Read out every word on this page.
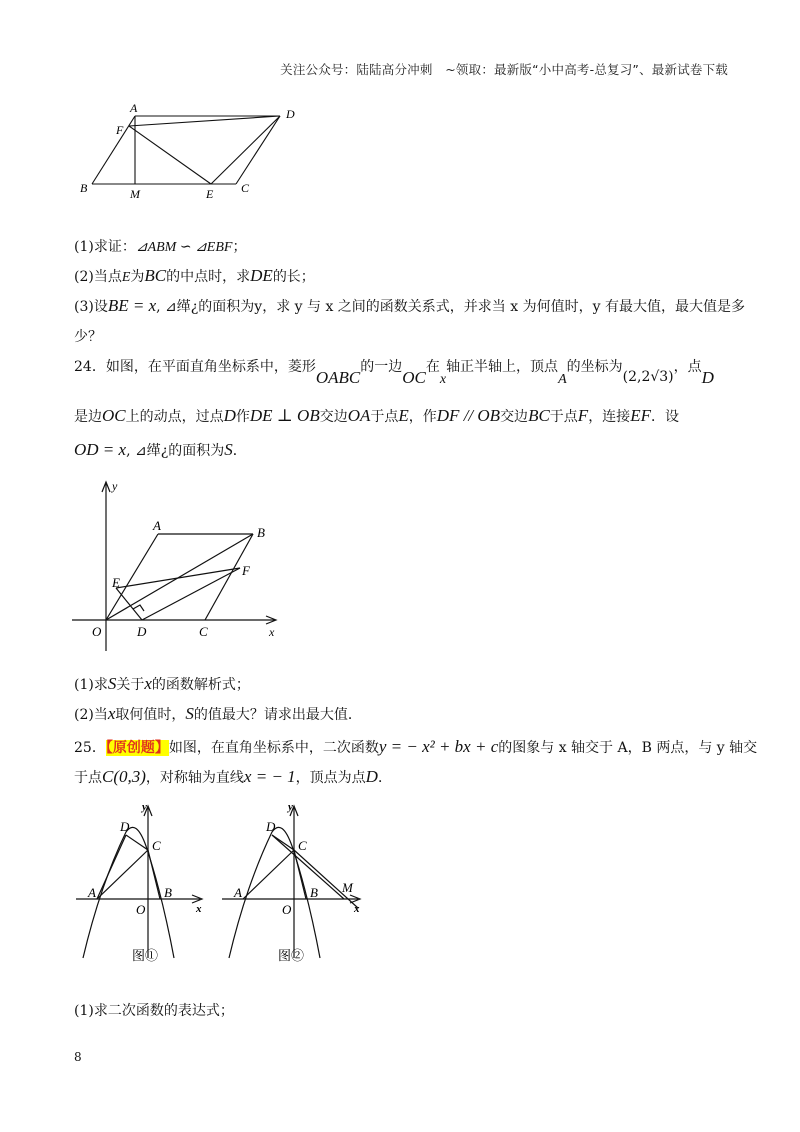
关注公众号：陆陆高分冲刺　~领取：最新版“小中高考-总复习”、最新试卷下载
A	D
F
B	M	E C
(1)求证：⊿ABM ∽ ⊿EBF；
(2)当点E为BC的中点时，求DE的长；
(3)设BE = x, ⊿缂¿的面积为y，求 y 与 x 之间的函数关系式，并求当 x 为何值时，y 有最大值，最大值是多
少？
24．如图，在平面直角坐标系中，菱形OABC的一边OC在x轴正半轴上，顶点A的坐标为(2,2√3)，点D
是边OC上的动点，过点D作DE ⊥ OB交边OA于点E，作DF // OB交边BC于点F，连接EF．设
OD = x, ⊿缂¿的面积为S．
y
A	B
E
F
O	D	C	x
(1)求S关于x的函数解析式；
(2)当x取何值时，S的值最大？请求出最大值．
25．【原创题】如图，在直角坐标系中，二次函数y = − x² + bx + c的图象与 x 轴交于 A，B 两点，与 y 轴交
于点C(0,3)，对称轴为直线x = − 1，顶点为点D．
y
D
C
A	B
O	x
图①
y
D
C
A	B
O
M
x
图②
(1)求二次函数的表达式；
8
